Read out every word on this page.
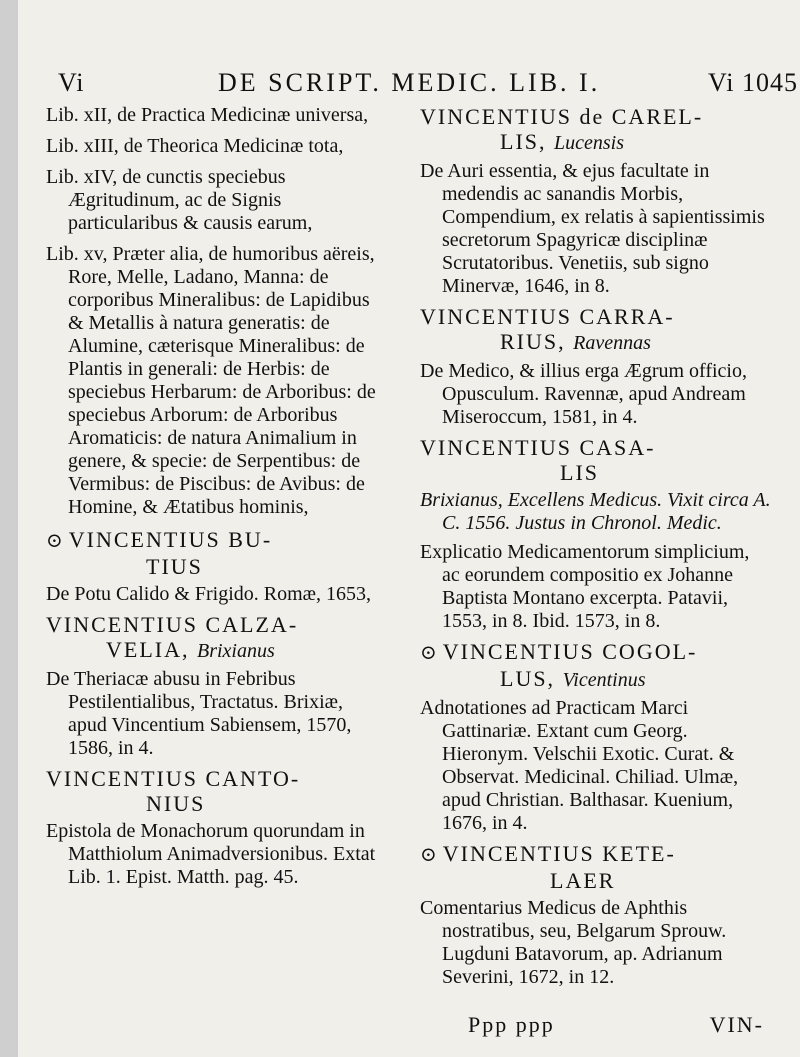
Vi	DE SCRIPT. MEDIC. LIB. I.	Vi 1045
Lib. xII, de Practica Medicinæ universa,
Lib. xIII, de Theorica Medicinæ tota,
Lib. xIV, de cunctis speciebus Ægritudinum, ac de Signis particularibus & causis earum,
Lib. xv, Præter alia, de humoribus aëreis, Rore, Melle, Ladano, Manna: de corporibus Mineralibus: de Lapidibus & Metallis à natura generatis: de Alumine, cæterisque Mineralibus: de Plantis in generali: de Herbis: de speciebus Herbarum: de Arboribus: de speciebus Arborum: de Arboribus Aromaticis: de natura Animalium in genere, & specie: de Serpentibus: de Vermibus: de Piscibus: de Avibus: de Homine, & Ætatibus hominis,
⊙ VINCENTIUS BU-
TIUS
De Potu Calido & Frigido. Romæ, 1653,
VINCENTIUS CALZA-
VELIA, Brixianus
De Theriacæ abusu in Febribus Pestilentialibus, Tractatus. Brixiæ, apud Vincentium Sabiensem, 1570, 1586, in 4.
VINCENTIUS CANTO-
NIUS
Epistola de Monachorum quorundam in Matthiolum Animadversionibus. Extat Lib. 1. Epist. Matth. pag. 45.
VINCENTIUS de CAREL-
LIS, Lucensis
De Auri essentia, & ejus facultate in medendis ac sanandis Morbis, Compendium, ex relatis à sapientissimis secretorum Spagyricæ disciplinæ Scrutatoribus. Venetiis, sub signo Minervæ, 1646, in 8.
VINCENTIUS CARRA-
RIUS, Ravennas
De Medico, & illius erga Ægrum officio, Opusculum. Ravennæ, apud Andream Miseroccum, 1581, in 4.
VINCENTIUS CASA-
LIS
Brixianus, Excellens Medicus. Vixit circa A. C. 1556. Justus in Chronol. Medic.
Explicatio Medicamentorum simplicium, ac eorundem compositio ex Johanne Baptista Montano excerpta. Patavii, 1553, in 8. Ibid. 1573, in 8.
⊙ VINCENTIUS COGOL-
LUS, Vicentinus
Adnotationes ad Practicam Marci Gattinariæ. Extant cum Georg. Hieronym. Velschii Exotic. Curat. & Observat. Medicinal. Chiliad. Ulmæ, apud Christian. Balthasar. Kuenium, 1676, in 4.
⊙ VINCENTIUS KETE-
LAER
Comentarius Medicus de Aphthis nostratibus, seu, Belgarum Sprouw. Lugduni Batavorum, ap. Adrianum Severini, 1672, in 12.
Ppp ppp	VIN-
